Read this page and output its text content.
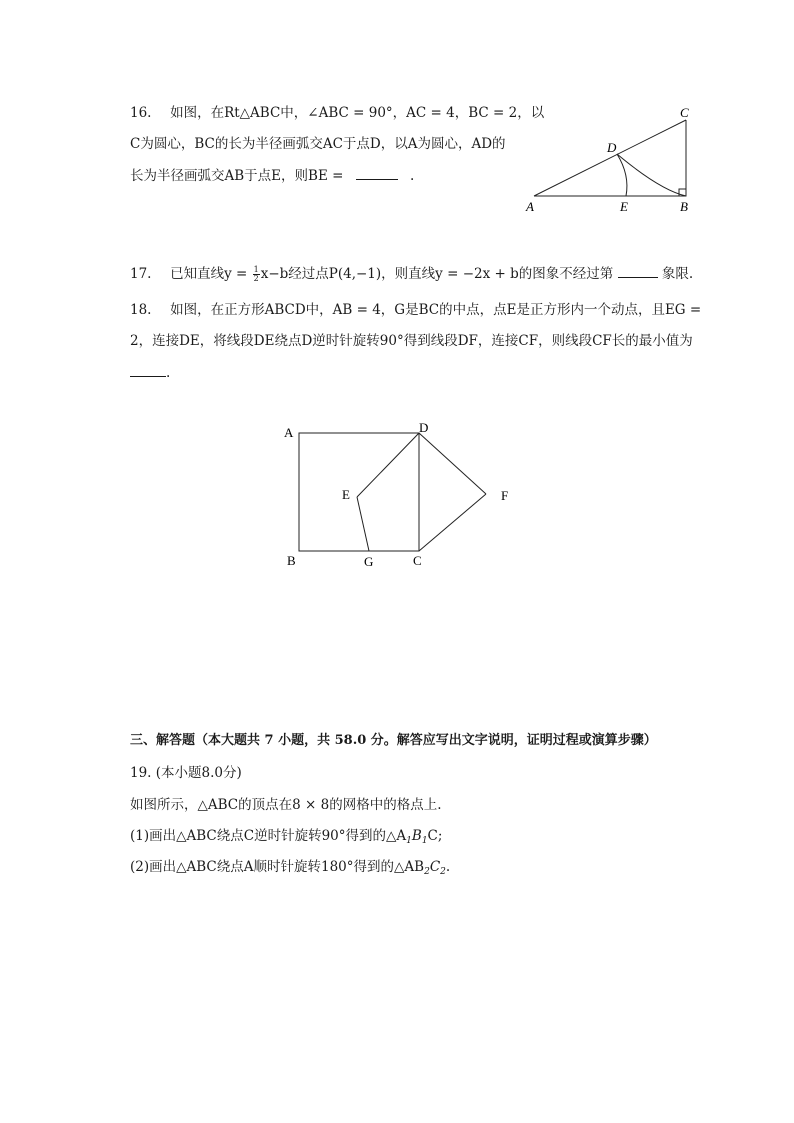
16. 如图，在Rt△ABC中，∠ABC = 90°，AC = 4，BC = 2，以
C为圆心，BC的长为半径画弧交AC于点D，以A为圆心，AD的
长为半径画弧交AB于点E，则BE =	.
A	B
C
D
E
17. 已知直线$y = \frac{1}{2} x-b$经过点P(4,−1)，则直线y = −2x + b的图象不经过第	象限.
18. 如图，在正方形ABCD中，AB = 4，G是BC的中点，点E是正方形内一个动点，且EG =
2，连接DE，将线段DE绕点D逆时针旋转90°得到线段DF，连接CF，则线段CF长的最小值为
.
A
B	C
D
E	F
G
三、解答题（本大题共 7 小题，共 58.0 分。解答应写出文字说明，证明过程或演算步骤）
19. (本小题8.0分)
如图所示，△ABC的顶点在8 × 8的网格中的格点上.
(1)画出△ABC绕点C逆时针旋转90°得到的$\triangle A_1B_1C$;
(2)画出△ABC绕点A顺时针旋转180°得到的$\triangle AB_2C_2$.
